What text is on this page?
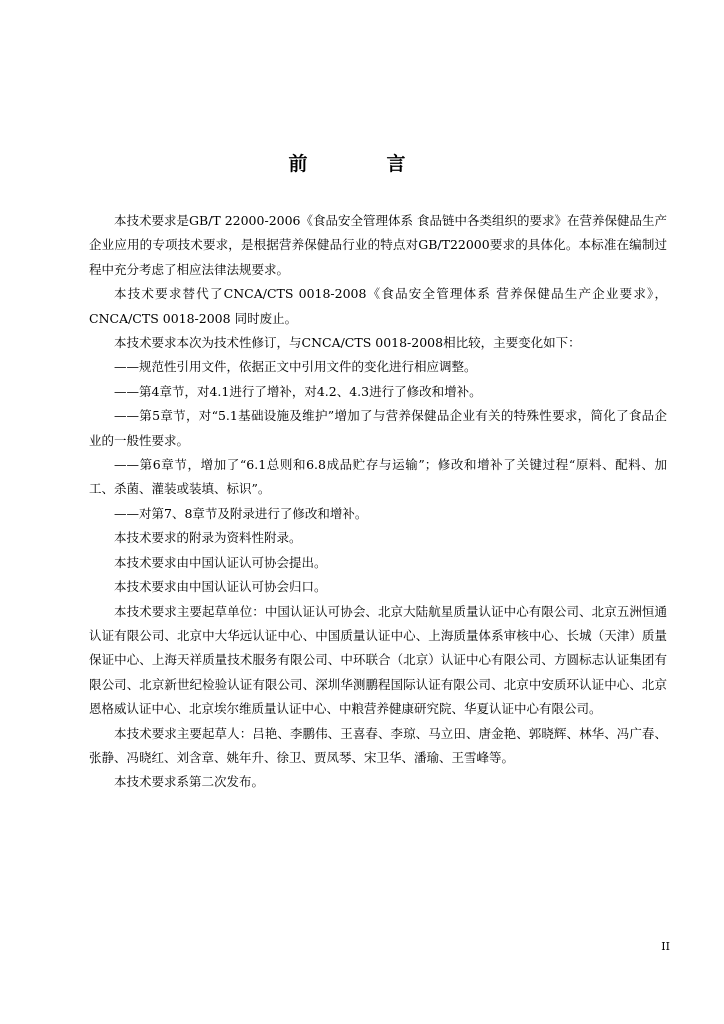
前　言

本技术要求是GB/T 22000-2006《食品安全管理体系 食品链中各类组织的要求》在营养保健品生产企业应用的专项技术要求，是根据营养保健品行业的特点对GB/T22000要求的具体化。本标准在编制过程中充分考虑了相应法律法规要求。

本技术要求替代了CNCA/CTS 0018-2008《食品安全管理体系 营养保健品生产企业要求》，CNCA/CTS 0018-2008 同时废止。

本技术要求本次为技术性修订，与CNCA/CTS 0018-2008相比较，主要变化如下：

——规范性引用文件，依据正文中引用文件的变化进行相应调整。

——第4章节，对4.1进行了增补，对4.2、4.3进行了修改和增补。

——第5章节，对“5.1基础设施及维护”增加了与营养保健品企业有关的特殊性要求，简化了食品企业的一般性要求。

——第6章节，增加了“6.1总则和6.8成品贮存与运输”；修改和增补了关键过程“原料、配料、加工、杀菌、灌装或装填、标识”。

——对第7、8章节及附录进行了修改和增补。

本技术要求的附录为资料性附录。

本技术要求由中国认证认可协会提出。

本技术要求由中国认证认可协会归口。

本技术要求主要起草单位：中国认证认可协会、北京大陆航星质量认证中心有限公司、北京五洲恒通认证有限公司、北京中大华远认证中心、中国质量认证中心、上海质量体系审核中心、长城（天津）质量保证中心、上海天祥质量技术服务有限公司、中环联合（北京）认证中心有限公司、方圆标志认证集团有限公司、北京新世纪检验认证有限公司、深圳华测鹏程国际认证有限公司、北京中安质环认证中心、北京恩格威认证中心、北京埃尔维质量认证中心、中粮营养健康研究院、华夏认证中心有限公司。

本技术要求主要起草人：吕艳、李鹏伟、王喜春、李琼、马立田、唐金艳、郭晓辉、林华、冯广春、张静、冯晓红、刘含章、姚年升、徐卫、贾凤琴、宋卫华、潘瑜、王雪峰等。

本技术要求系第二次发布。

II
